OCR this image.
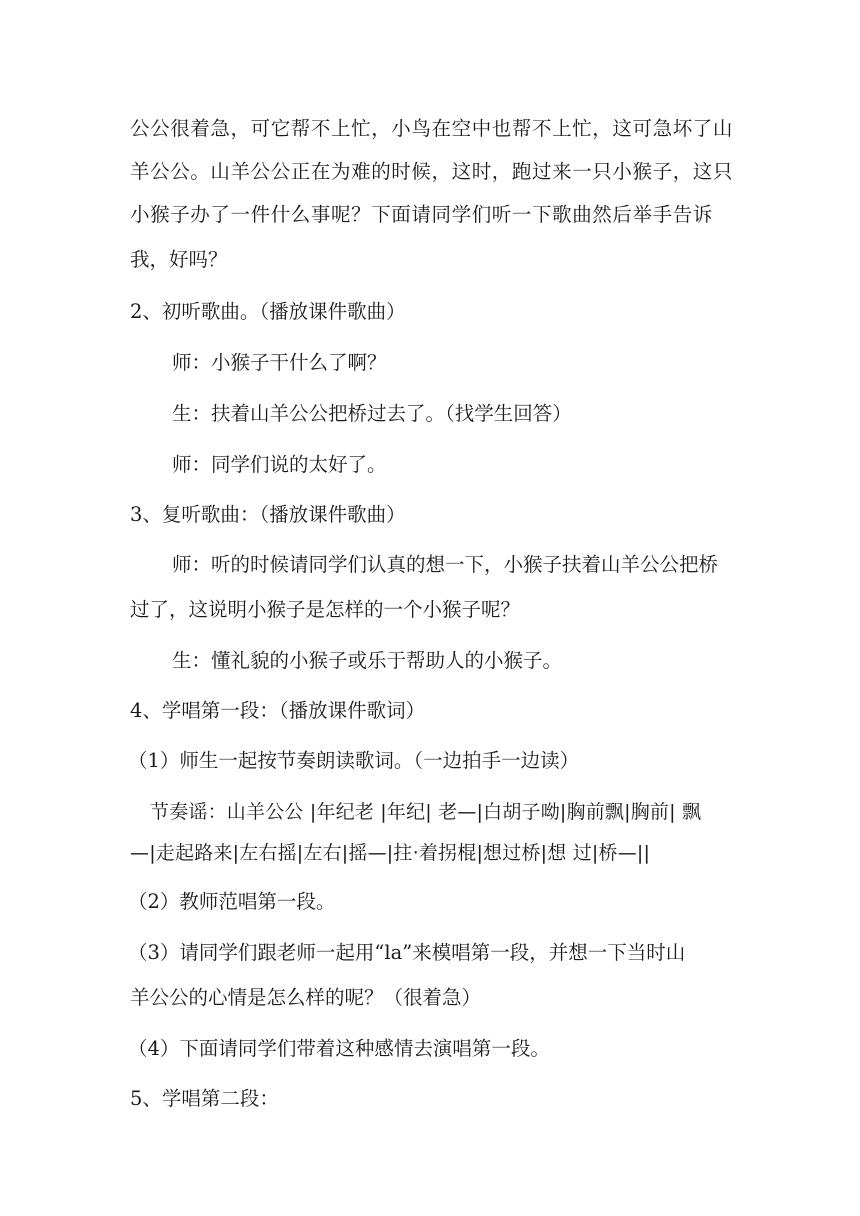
公公很着急，可它帮不上忙，小鸟在空中也帮不上忙，这可急坏了山
羊公公。山羊公公正在为难的时候，这时，跑过来一只小猴子，这只
小猴子办了一件什么事呢？下面请同学们听一下歌曲然后举手告诉
我，好吗？
2、初听歌曲。（播放课件歌曲）
师：小猴子干什么了啊？
生：扶着山羊公公把桥过去了。（找学生回答）
师：同学们说的太好了。
3、复听歌曲：（播放课件歌曲）
师：听的时候请同学们认真的想一下，小猴子扶着山羊公公把桥
过了，这说明小猴子是怎样的一个小猴子呢？
生：懂礼貌的小猴子或乐于帮助人的小猴子。
4、学唱第一段：（播放课件歌词）
（1）师生一起按节奏朗读歌词。（一边拍手一边读）
节奏谣：山羊公公 |年纪老 |年纪| 老—|白胡子呦|胸前飘|胸前| 飘
—|走起路来|左右摇|左右|摇—|拄·着拐棍|想过桥|想 过|桥—||
（2）教师范唱第一段。
（3）请同学们跟老师一起用“la”来模唱第一段，并想一下当时山
羊公公的心情是怎么样的呢？（很着急）
（4）下面请同学们带着这种感情去演唱第一段。
5、学唱第二段：
